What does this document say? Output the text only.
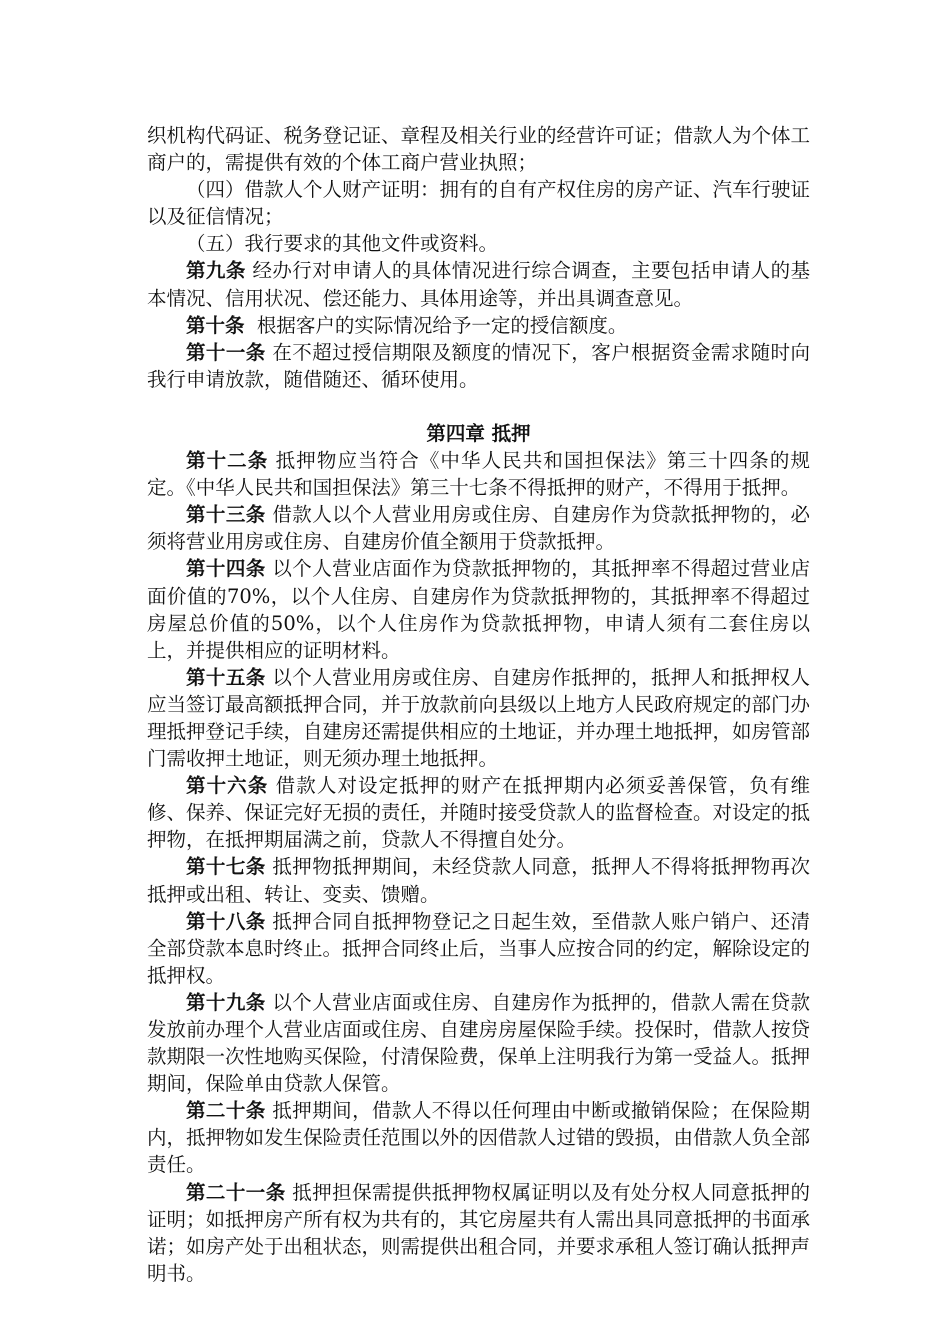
织机构代码证、税务登记证、章程及相关行业的经营许可证；借款人为个体工商户的，需提供有效的个体工商户营业执照；

（四）借款人个人财产证明：拥有的自有产权住房的房产证、汽车行驶证以及征信情况；

（五）我行要求的其他文件或资料。

第九条 经办行对申请人的具体情况进行综合调查，主要包括申请人的基本情况、信用状况、偿还能力、具体用途等，并出具调查意见。

第十条 根据客户的实际情况给予一定的授信额度。

第十一条 在不超过授信期限及额度的情况下，客户根据资金需求随时向我行申请放款，随借随还、循环使用。

第四章 抵押

第十二条 抵押物应当符合《中华人民共和国担保法》第三十四条的规定。《中华人民共和国担保法》第三十七条不得抵押的财产，不得用于抵押。

第十三条 借款人以个人营业用房或住房、自建房作为贷款抵押物的，必须将营业用房或住房、自建房价值全额用于贷款抵押。

第十四条 以个人营业店面作为贷款抵押物的，其抵押率不得超过营业店面价值的70%，以个人住房、自建房作为贷款抵押物的，其抵押率不得超过房屋总价值的50%，以个人住房作为贷款抵押物，申请人须有二套住房以上，并提供相应的证明材料。

第十五条 以个人营业用房或住房、自建房作抵押的，抵押人和抵押权人应当签订最高额抵押合同，并于放款前向县级以上地方人民政府规定的部门办理抵押登记手续，自建房还需提供相应的土地证，并办理土地抵押，如房管部门需收押土地证，则无须办理土地抵押。

第十六条 借款人对设定抵押的财产在抵押期内必须妥善保管，负有维修、保养、保证完好无损的责任，并随时接受贷款人的监督检查。对设定的抵押物，在抵押期届满之前，贷款人不得擅自处分。

第十七条 抵押物抵押期间，未经贷款人同意，抵押人不得将抵押物再次抵押或出租、转让、变卖、馈赠。

第十八条 抵押合同自抵押物登记之日起生效，至借款人账户销户、还清全部贷款本息时终止。抵押合同终止后，当事人应按合同的约定，解除设定的抵押权。

第十九条 以个人营业店面或住房、自建房作为抵押的，借款人需在贷款发放前办理个人营业店面或住房、自建房房屋保险手续。投保时，借款人按贷款期限一次性地购买保险，付清保险费，保单上注明我行为第一受益人。抵押期间，保险单由贷款人保管。

第二十条 抵押期间，借款人不得以任何理由中断或撤销保险；在保险期内，抵押物如发生保险责任范围以外的因借款人过错的毁损，由借款人负全部责任。

第二十一条 抵押担保需提供抵押物权属证明以及有处分权人同意抵押的证明；如抵押房产所有权为共有的，其它房屋共有人需出具同意抵押的书面承诺；如房产处于出租状态，则需提供出租合同，并要求承租人签订确认抵押声明书。
